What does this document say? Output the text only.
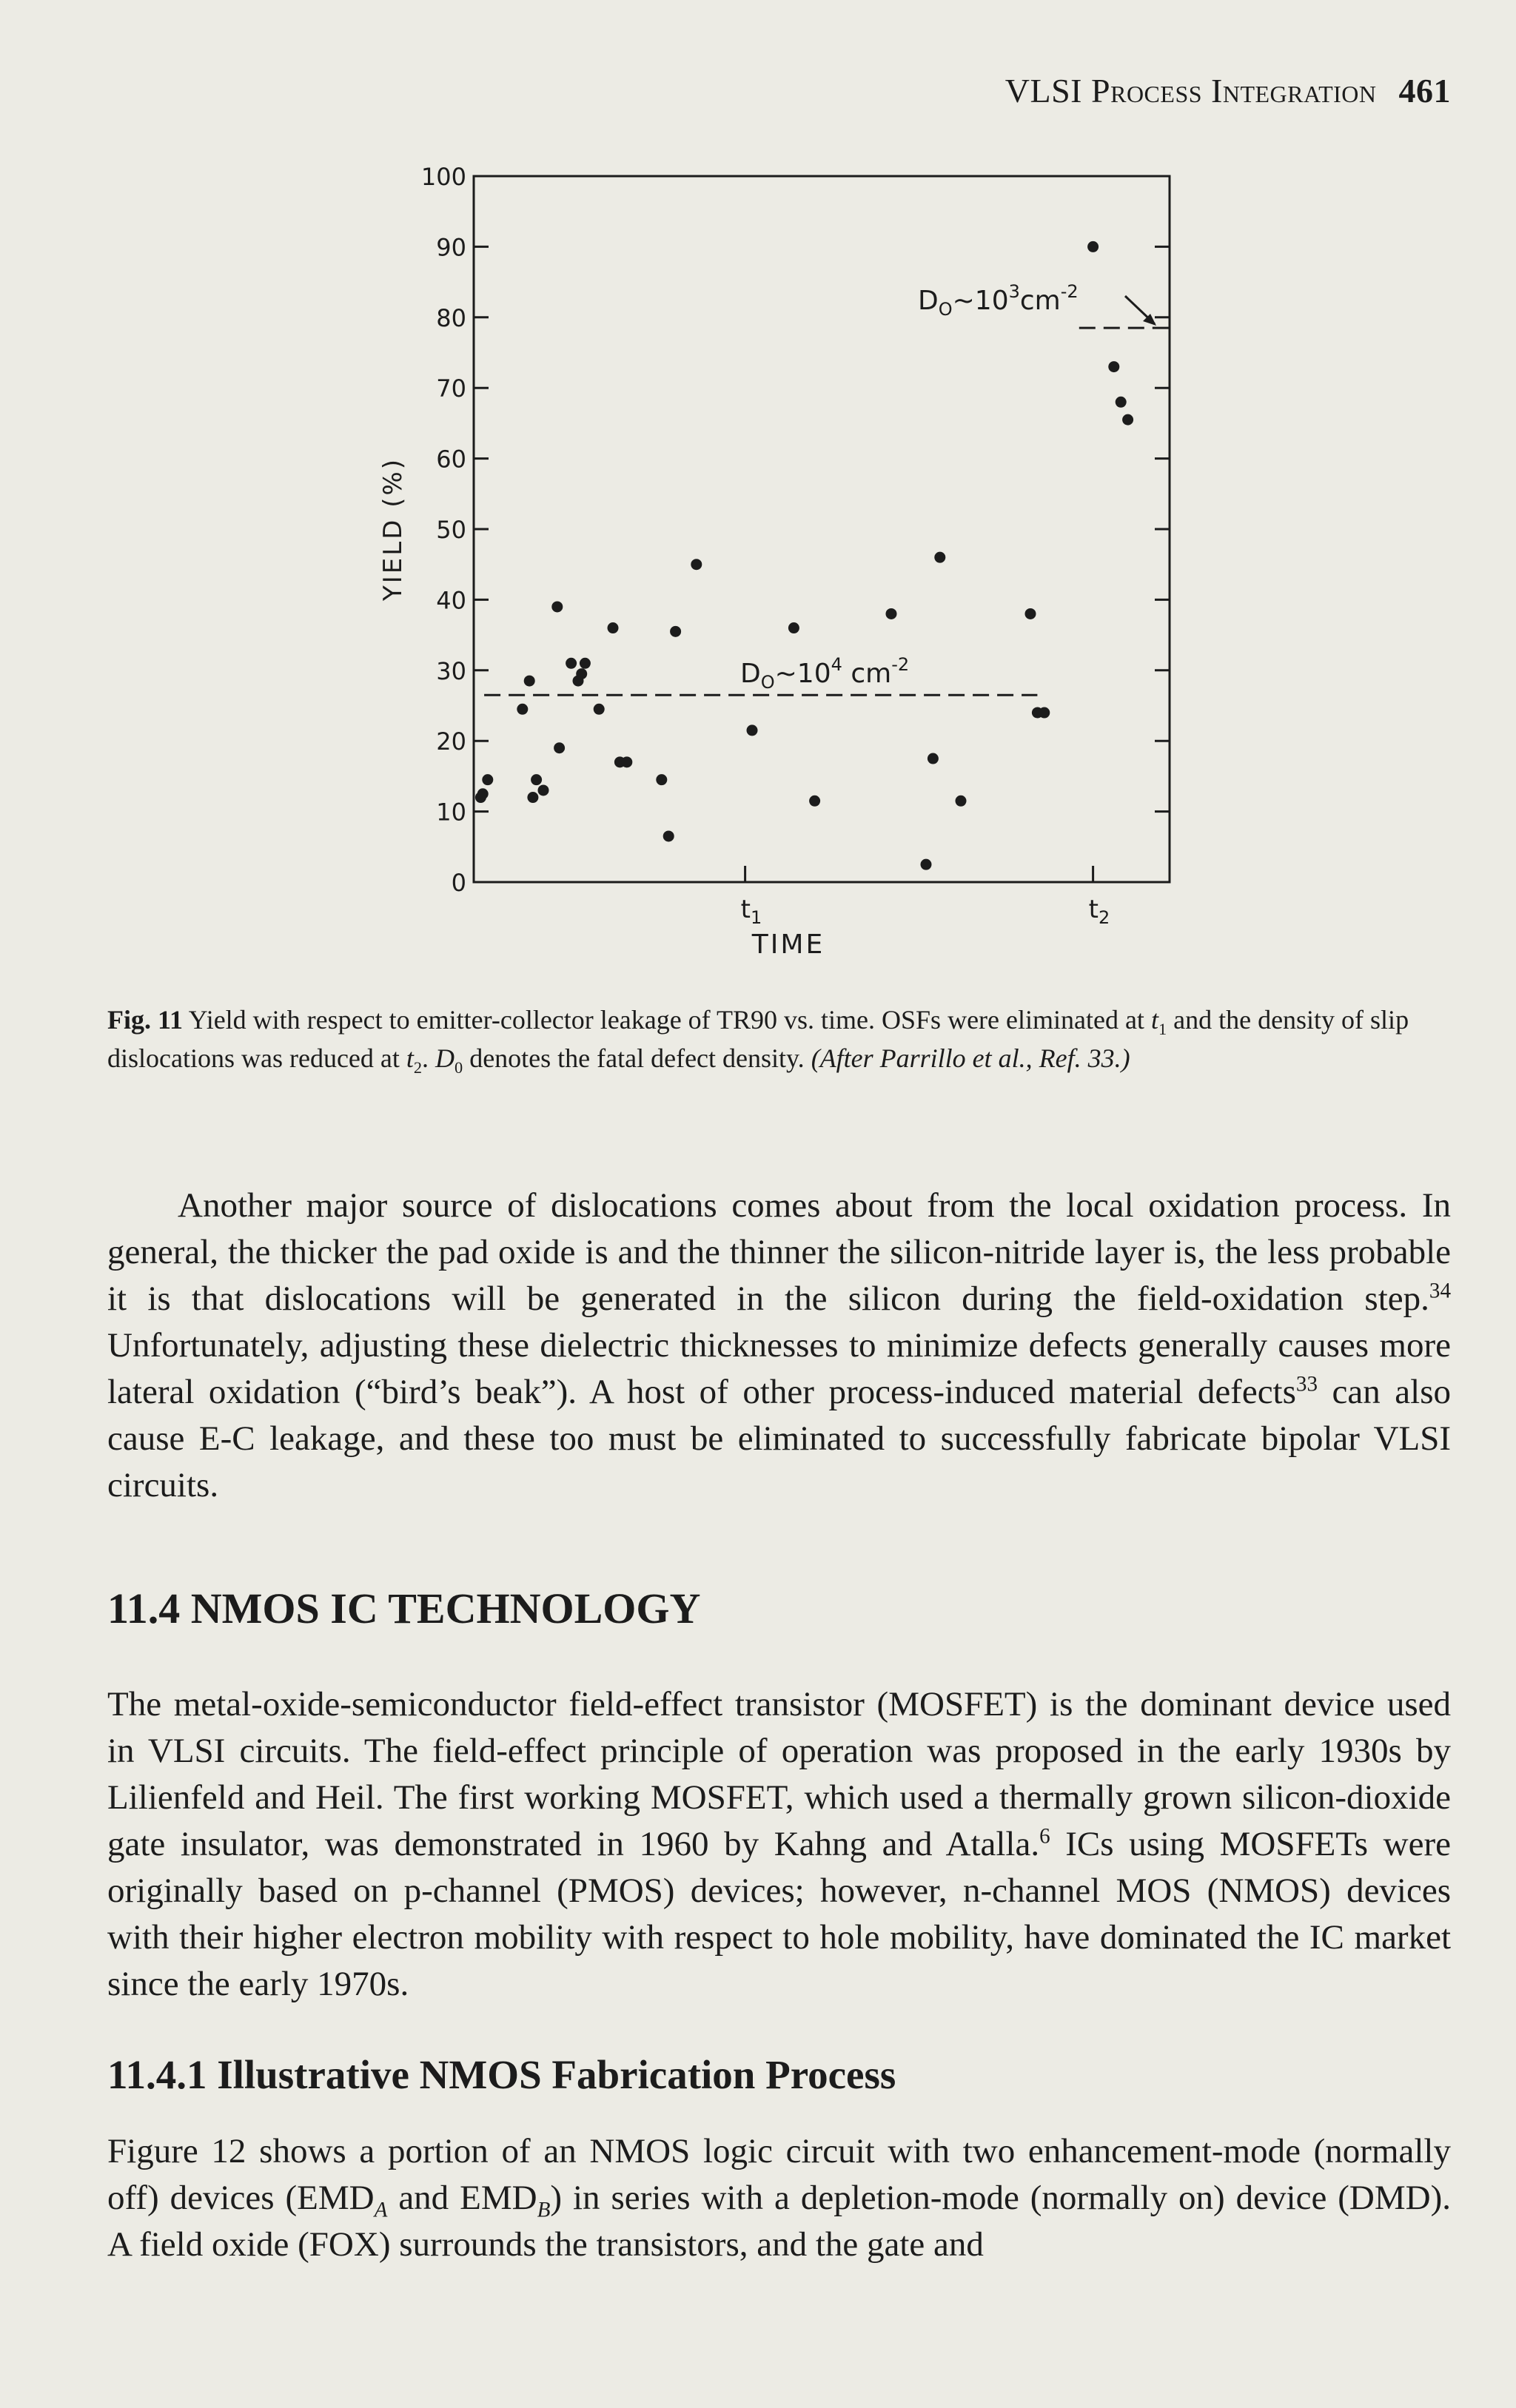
VLSI Process Integration 461
0
10
20
30
40
50
60
70
80
90
100
$t_1$	$t_2$
YIELD (%)
TIME
$D_O\sim 10^4$ $cm^{-2}$
$D_O\sim 10^3cm^{-2}$
Fig. 11 Yield with respect to emitter-collector leakage of TR90 vs. time. OSFs were eliminated at $t_1$ and the density of slip dislocations was reduced at $t_2$. $D_0$ denotes the fatal defect density. (After Parrillo et al., Ref. 33.)
Another major source of dislocations comes about from the local oxidation process. In general, the thicker the pad oxide is and the thinner the silicon-nitride layer is, the less probable it is that dislocations will be generated in the silicon during the field-oxidation step.$^{34}$ Unfortunately, adjusting these dielectric thicknesses to minimize defects generally causes more lateral oxidation (“bird’s beak”). A host of other process-induced material defects$^{33}$ can also cause E-C leakage, and these too must be eliminated to successfully fabricate bipolar VLSI circuits.
11.4 NMOS IC TECHNOLOGY
The metal-oxide-semiconductor field-effect transistor (MOSFET) is the dominant device used in VLSI circuits. The field-effect principle of operation was proposed in the early 1930s by Lilienfeld and Heil. The first working MOSFET, which used a thermally grown silicon-dioxide gate insulator, was demonstrated in 1960 by Kahng and Atalla.$^6$ ICs using MOSFETs were originally based on p-channel (PMOS) devices; however, n-channel MOS (NMOS) devices with their higher electron mobility with respect to hole mobility, have dominated the IC market since the early 1970s.
11.4.1 Illustrative NMOS Fabrication Process
Figure 12 shows a portion of an NMOS logic circuit with two enhancement-mode (normally off) devices ($EMD_A$ and $EMD_B$) in series with a depletion-mode (normally on) device (DMD). A field oxide (FOX) surrounds the transistors, and the gate and
